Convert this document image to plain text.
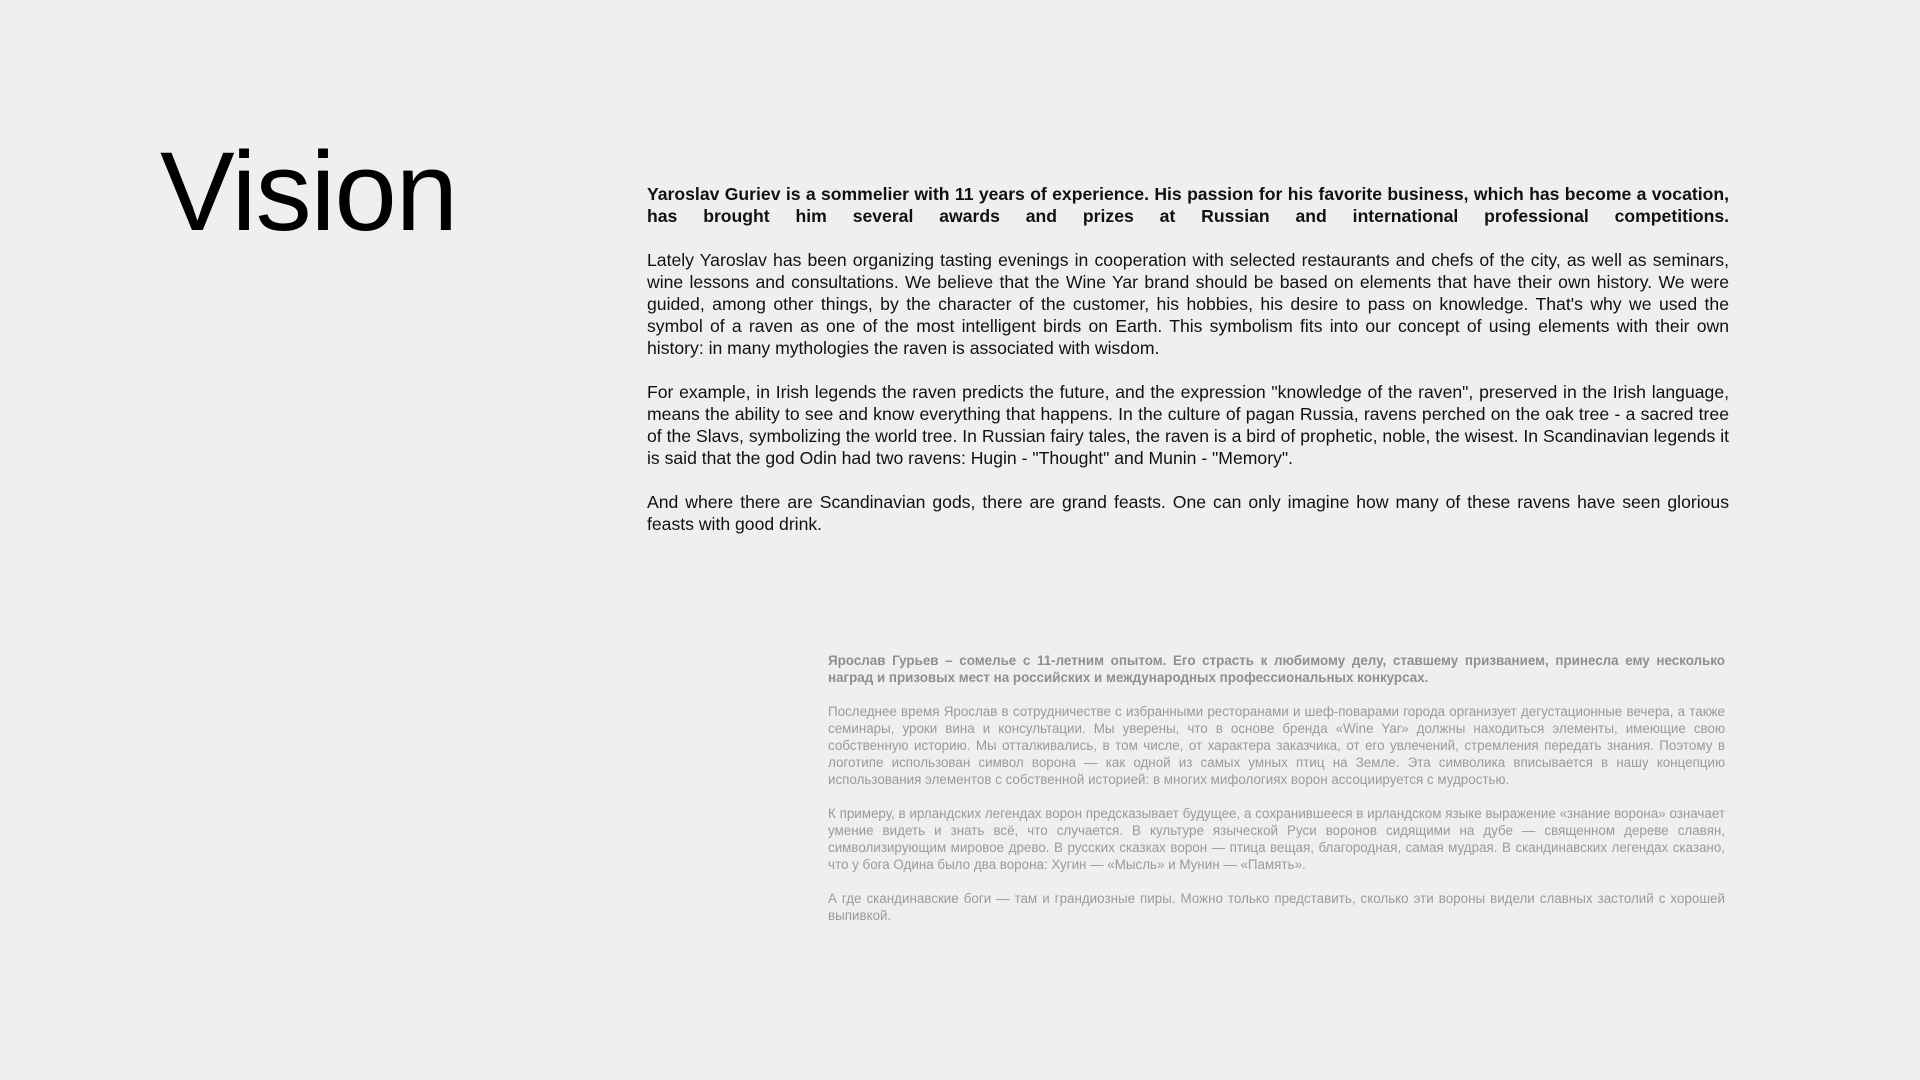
Vision	Yaroslav Guriev is a sommelier with 11 years of experience. His passion for his favorite business, which has become a vocation, has brought him several awards and prizes at Russian and international professional competitions.

Lately Yaroslav has been organizing tasting evenings in cooperation with selected restaurants and chefs of the city, as well as seminars, wine lessons and consultations. We believe that the Wine Yar brand should be based on elements that have their own history. We were guided, among other things, by the character of the customer, his hobbies, his desire to pass on knowledge. That's why we used the symbol of a raven as one of the most intelligent birds on Earth. This symbolism fits into our concept of using elements with their own history: in many mythologies the raven is associated with wisdom.

For example, in Irish legends the raven predicts the future, and the expression "knowledge of the raven", preserved in the Irish language, means the ability to see and know everything that happens. In the culture of pagan Russia, ravens perched on the oak tree - a sacred tree of the Slavs, symbolizing the world tree. In Russian fairy tales, the raven is a bird of prophetic, noble, the wisest. In Scandinavian legends it is said that the god Odin had two ravens: Hugin - "Thought" and Munin - "Memory".

And where there are Scandinavian gods, there are grand feasts. One can only imagine how many of these ravens have seen glorious feasts with good drink.

Ярослав Гурьев – сомелье с 11-летним опытом. Его страсть к любимому делу, ставшему призванием, принесла ему несколько наград и призовых мест на российских и международных профессиональных конкурсах.

Последнее время Ярослав в сотрудничестве с избранными ресторанами и шеф-поварами города организует дегустационные вечера, а также семинары, уроки вина и консультации. Мы уверены, что в основе бренда «Wine Yar» должны находиться элементы, имеющие свою собственную историю. Мы отталкивались, в том числе, от характера заказчика, от его увлечений, стремления передать знания. Поэтому в логотипе использован символ ворона — как одной из самых умных птиц на Земле. Эта символика вписывается в нашу концепцию использования элементов с собственной историей: в многих мифологиях ворон ассоциируется с мудростью.

К примеру, в ирландских легендах ворон предсказывает будущее, а сохранившееся в ирландском языке выражение «знание ворона» означает умение видеть и знать всё, что случается. В культуре языческой Руси воронов сидящими на дубе — священном дереве славян, символизирующим мировое древо. В русских сказках ворон — птица вещая, благородная, самая мудрая. В скандинавских легендах сказано, что у бога Одина было два ворона: Хугин — «Мысль» и Мунин — «Память».

А где скандинавские боги — там и грандиозные пиры. Можно только представить, сколько эти вороны видели славных застолий с хорошей выпивкой.
